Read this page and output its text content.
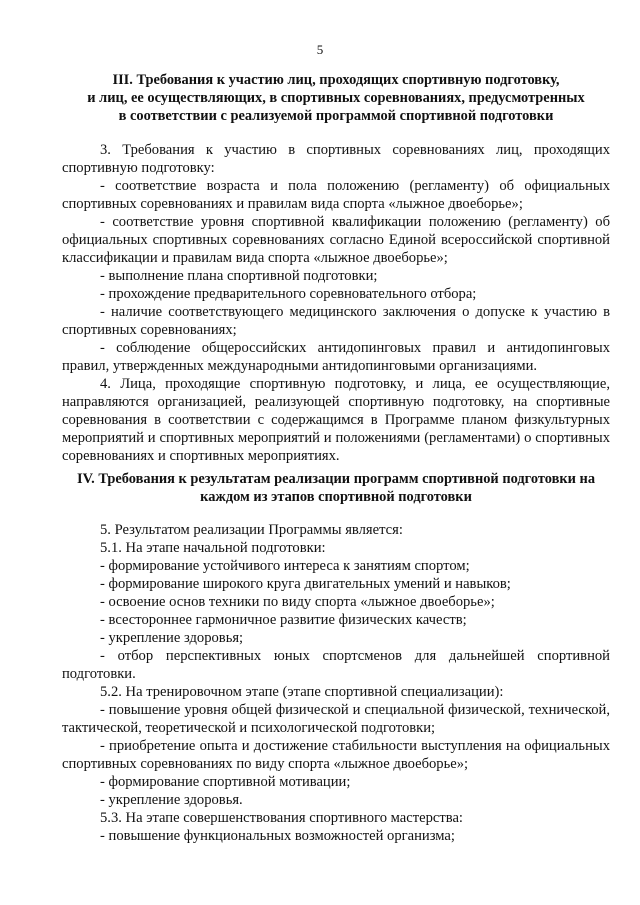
5

III. Требования к участию лиц, проходящих спортивную подготовку,

и лиц, ее осуществляющих, в спортивных соревнованиях, предусмотренных

в соответствии с реализуемой программой спортивной подготовки

3. Требования к участию в спортивных соревнованиях лиц, проходящих спортивную подготовку:

- соответствие возраста и пола положению (регламенту) об официальных спортивных соревнованиях и правилам вида спорта «лыжное двоеборье»;

- соответствие уровня спортивной квалификации положению (регламенту) об официальных спортивных соревнованиях согласно Единой всероссийской спортивной классификации и правилам вида спорта «лыжное двоеборье»;

- выполнение плана спортивной подготовки;

- прохождение предварительного соревновательного отбора;

- наличие соответствующего медицинского заключения о допуске к участию в спортивных соревнованиях;

- соблюдение общероссийских антидопинговых правил и антидопинговых правил, утвержденных международными антидопинговыми организациями.

4. Лица, проходящие спортивную подготовку, и лица, ее осуществляющие, направляются организацией, реализующей спортивную подготовку, на спортивные соревнования в соответствии с содержащимся в Программе планом физкультурных мероприятий и спортивных мероприятий и положениями (регламентами) о спортивных соревнованиях и спортивных мероприятиях.

IV. Требования к результатам реализации программ спортивной подготовки на

каждом из этапов спортивной подготовки

5. Результатом реализации Программы является:

5.1. На этапе начальной подготовки:

- формирование устойчивого интереса к занятиям спортом;

- формирование широкого круга двигательных умений и навыков;

- освоение основ техники по виду спорта «лыжное двоеборье»;

- всестороннее гармоничное развитие физических качеств;

- укрепление здоровья;

- отбор перспективных юных спортсменов для дальнейшей спортивной подготовки.

5.2. На тренировочном этапе (этапе спортивной специализации):

- повышение уровня общей физической и специальной физической, технической, тактической, теоретической и психологической подготовки;

- приобретение опыта и достижение стабильности выступления на официальных спортивных соревнованиях по виду спорта «лыжное двоеборье»;

- формирование спортивной мотивации;

- укрепление здоровья.

5.3. На этапе совершенствования спортивного мастерства:

- повышение функциональных возможностей организма;
